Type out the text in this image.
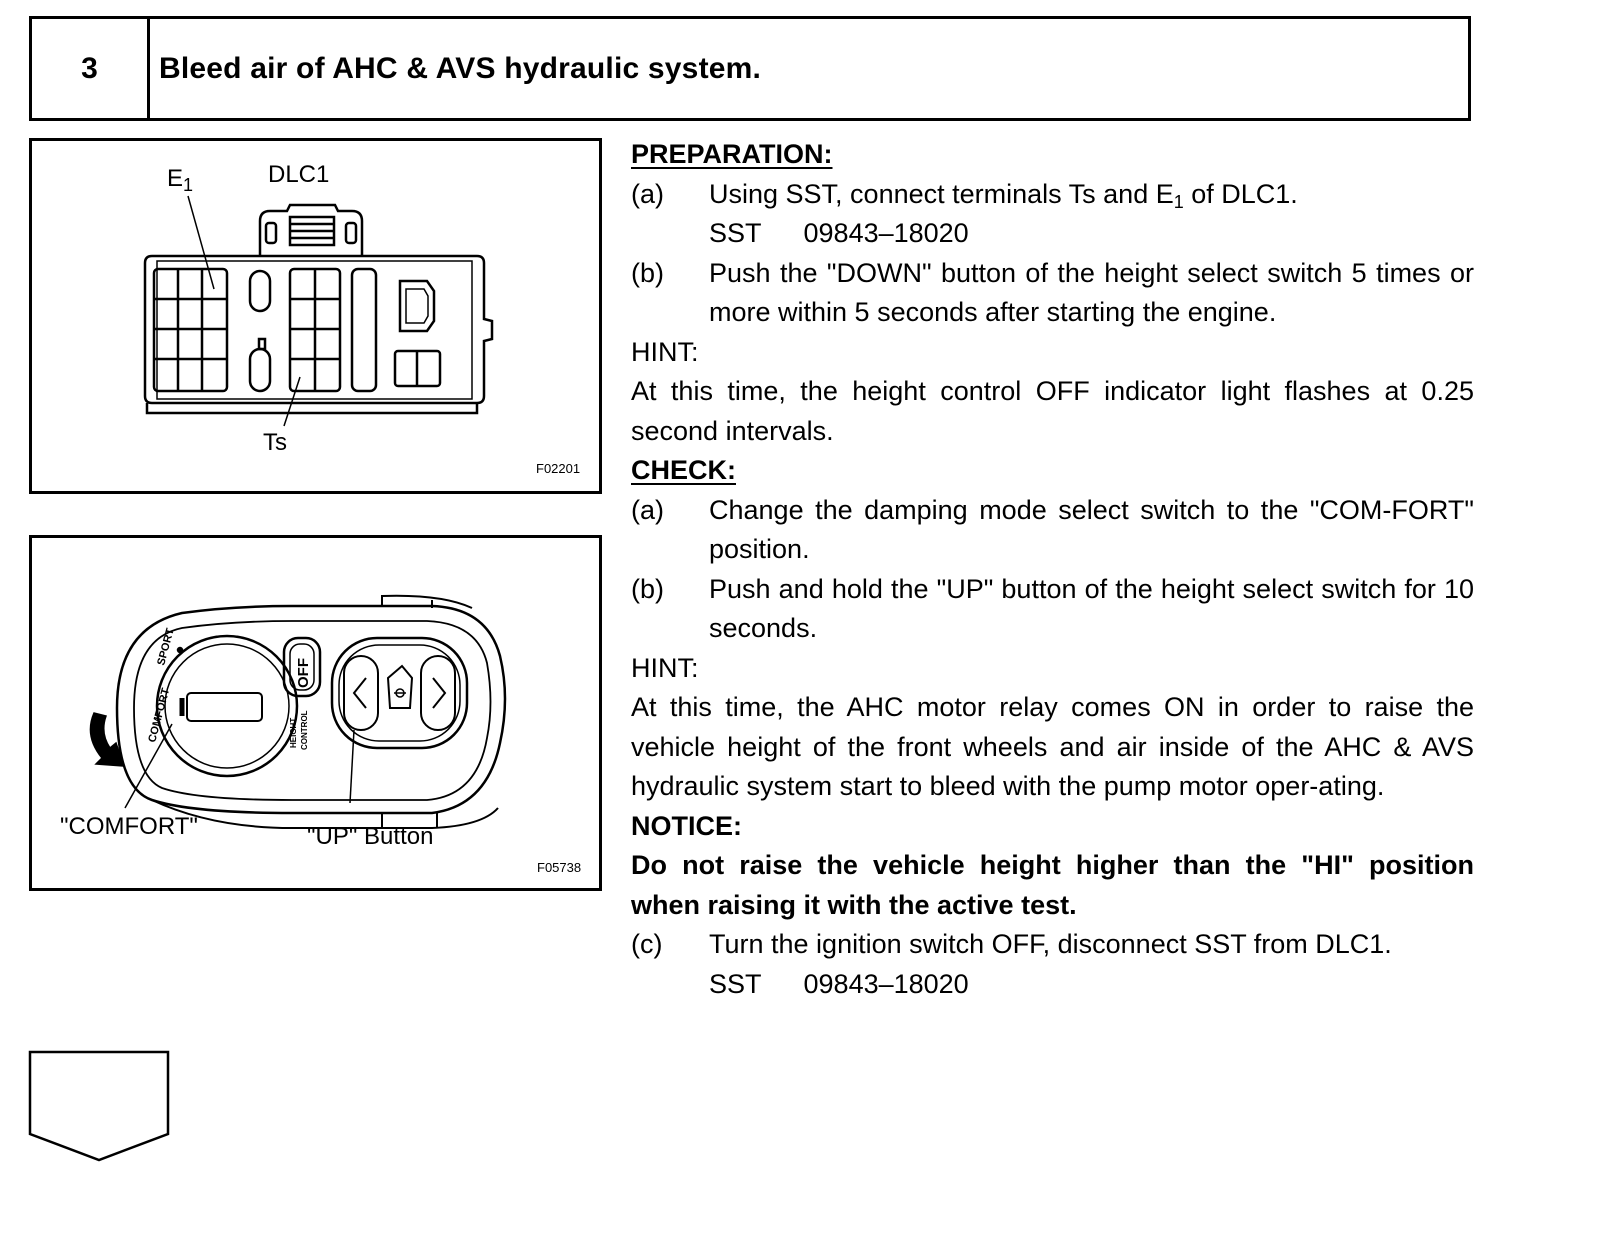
3	Bleed air of AHC & AVS hydraulic system.
$E_1$	DLC1
Ts
F02201
COMFORT
SPORT
OFF
HEIGHT CONTROL
"COMFORT"	"UP" Button
F05738
PREPARATION:
(a)	Using SST, connect terminals Ts and $E_1$ of DLC1.
SST 09843–18020
(b)	Push the "DOWN" button of the height select switch 5 times or more within 5 seconds after starting the engine.
HINT:
At this time, the height control OFF indicator light flashes at 0.25 second intervals.
CHECK:
(a)	Change the damping mode select switch to the "COM-FORT" position.
(b)	Push and hold the "UP" button of the height select switch for 10 seconds.
HINT:
At this time, the AHC motor relay comes ON in order to raise the vehicle height of the front wheels and air inside of the AHC & AVS hydraulic system start to bleed with the pump motor oper-ating.
NOTICE:
Do not raise the vehicle height higher than the "HI" position when raising it with the active test.
(c)	Turn the ignition switch OFF, disconnect SST from DLC1.
SST 09843–18020
